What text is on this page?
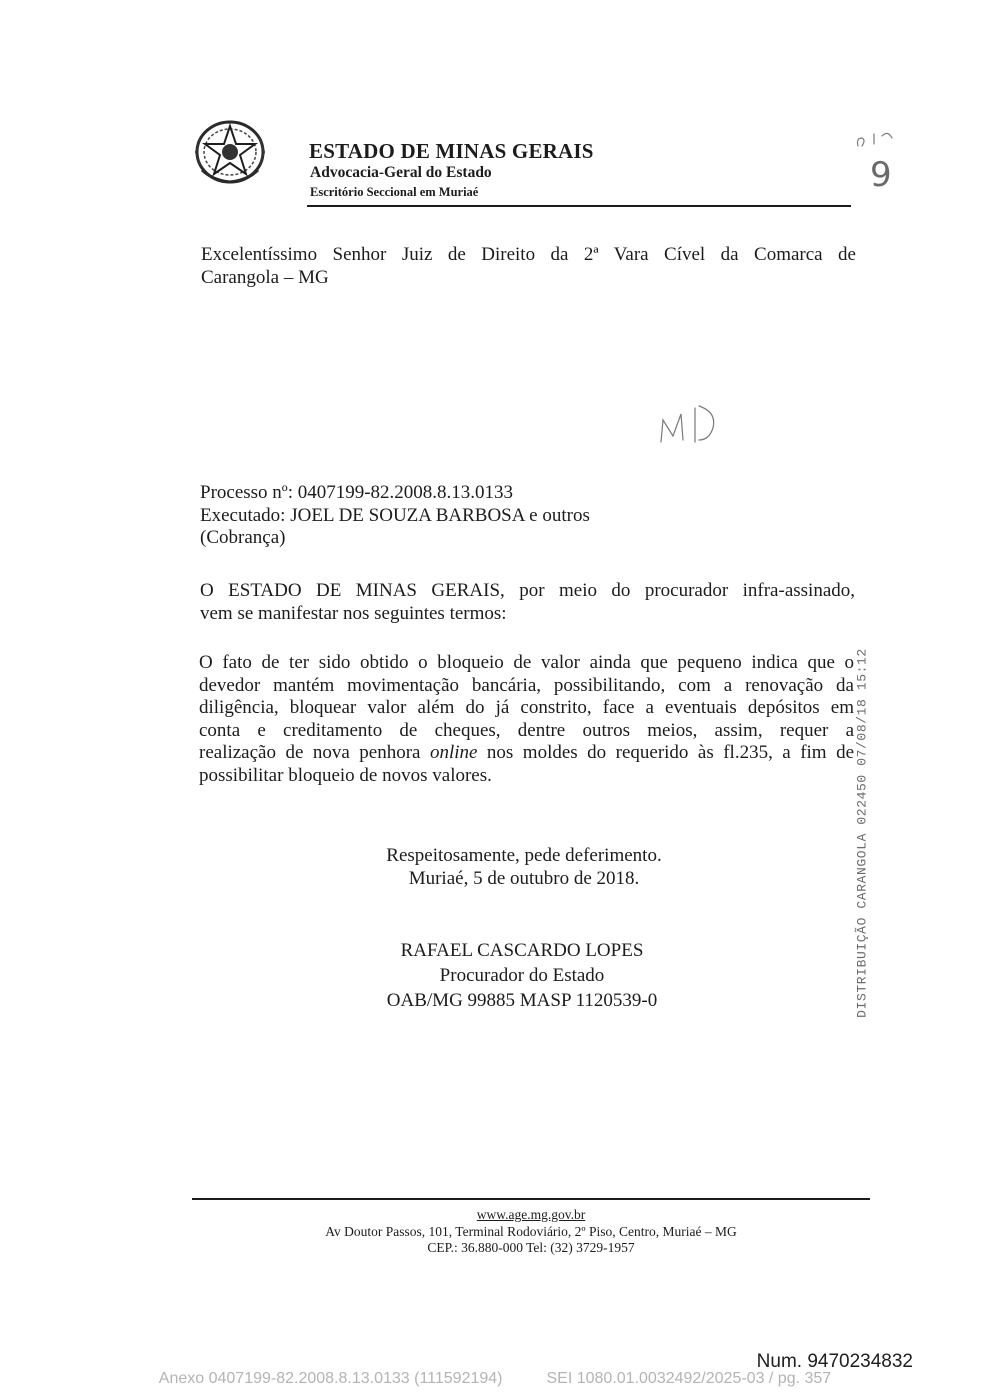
ESTADO DE MINAS GERAIS
Advocacia-Geral do Estado
Escritório Seccional em Muriaé	9
Excelentíssimo Senhor Juiz de Direito da 2ª Vara Cível da Comarca de
Carangola – MG
MD
Processo nº: 0407199-82.2008.8.13.0133
Executado: JOEL DE SOUZA BARBOSA e outros
(Cobrança)
O ESTADO DE MINAS GERAIS, por meio do procurador infra-assinado,
vem se manifestar nos seguintes termos:
O fato de ter sido obtido o bloqueio de valor ainda que pequeno indica que o
devedor mantém movimentação bancária, possibilitando, com a renovação da
diligência, bloquear valor além do já constrito, face a eventuais depósitos em
conta e creditamento de cheques, dentre outros meios, assim, requer a
realização de nova penhora online nos moldes do requerido às fl.235, a fim de
possibilitar bloqueio de novos valores.
Respeitosamente, pede deferimento.
Muriaé, 5 de outubro de 2018.
RAFAEL CASCARDO LOPES
Procurador do Estado
OAB/MG 99885 MASP 1120539-0	DISTRIBUIÇÃO CARANGOLA 022450 07/08/18 15:12
www.age.mg.gov.br
Av Doutor Passos, 101, Terminal Rodoviário, 2º Piso, Centro, Muriaé – MG
CEP.: 36.880-000 Tel: (32) 3729-1957
Num. 9470234832
Anexo 0407199-82.2008.8.13.0133 (111592194)	SEI 1080.01.0032492/2025-03 / pg. 357
